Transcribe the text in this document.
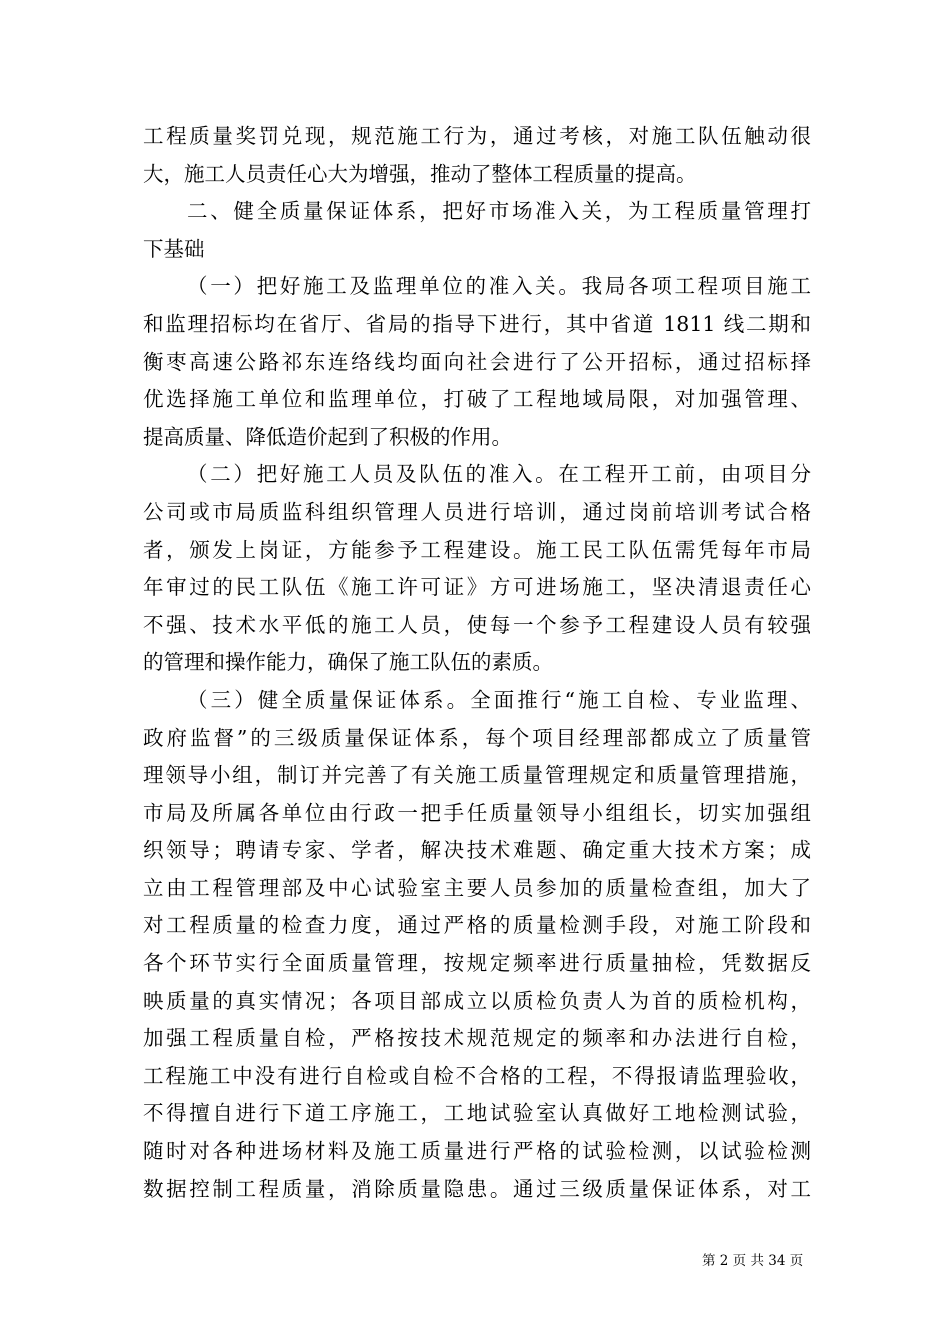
工程质量奖罚兑现，规范施工行为，通过考核，对施工队伍触动很
大，施工人员责任心大为增强，推动了整体工程质量的提高。
二、健全质量保证体系，把好市场准入关，为工程质量管理打
下基础
（一）把好施工及监理单位的准入关。我局各项工程项目施工
和监理招标均在省厅、省局的指导下进行，其中省道 1811 线二期和
衡枣高速公路祁东连络线均面向社会进行了公开招标，通过招标择
优选择施工单位和监理单位，打破了工程地域局限，对加强管理、
提高质量、降低造价起到了积极的作用。
（二）把好施工人员及队伍的准入。在工程开工前，由项目分
公司或市局质监科组织管理人员进行培训，通过岗前培训考试合格
者，颁发上岗证，方能参予工程建设。施工民工队伍需凭每年市局
年审过的民工队伍《施工许可证》方可进场施工，坚决清退责任心
不强、技术水平低的施工人员，使每一个参予工程建设人员有较强
的管理和操作能力，确保了施工队伍的素质。
（三）健全质量保证体系。全面推行“施工自检、专业监理、
政府监督”的三级质量保证体系，每个项目经理部都成立了质量管
理领导小组，制订并完善了有关施工质量管理规定和质量管理措施，
市局及所属各单位由行政一把手任质量领导小组组长，切实加强组
织领导；聘请专家、学者，解决技术难题、确定重大技术方案；成
立由工程管理部及中心试验室主要人员参加的质量检查组，加大了
对工程质量的检查力度，通过严格的质量检测手段，对施工阶段和
各个环节实行全面质量管理，按规定频率进行质量抽检，凭数据反
映质量的真实情况；各项目部成立以质检负责人为首的质检机构，
加强工程质量自检，严格按技术规范规定的频率和办法进行自检，
工程施工中没有进行自检或自检不合格的工程，不得报请监理验收，
不得擅自进行下道工序施工，工地试验室认真做好工地检测试验，
随时对各种进场材料及施工质量进行严格的试验检测，以试验检测
数据控制工程质量，消除质量隐患。通过三级质量保证体系，对工
第 2 页 共 34 页
